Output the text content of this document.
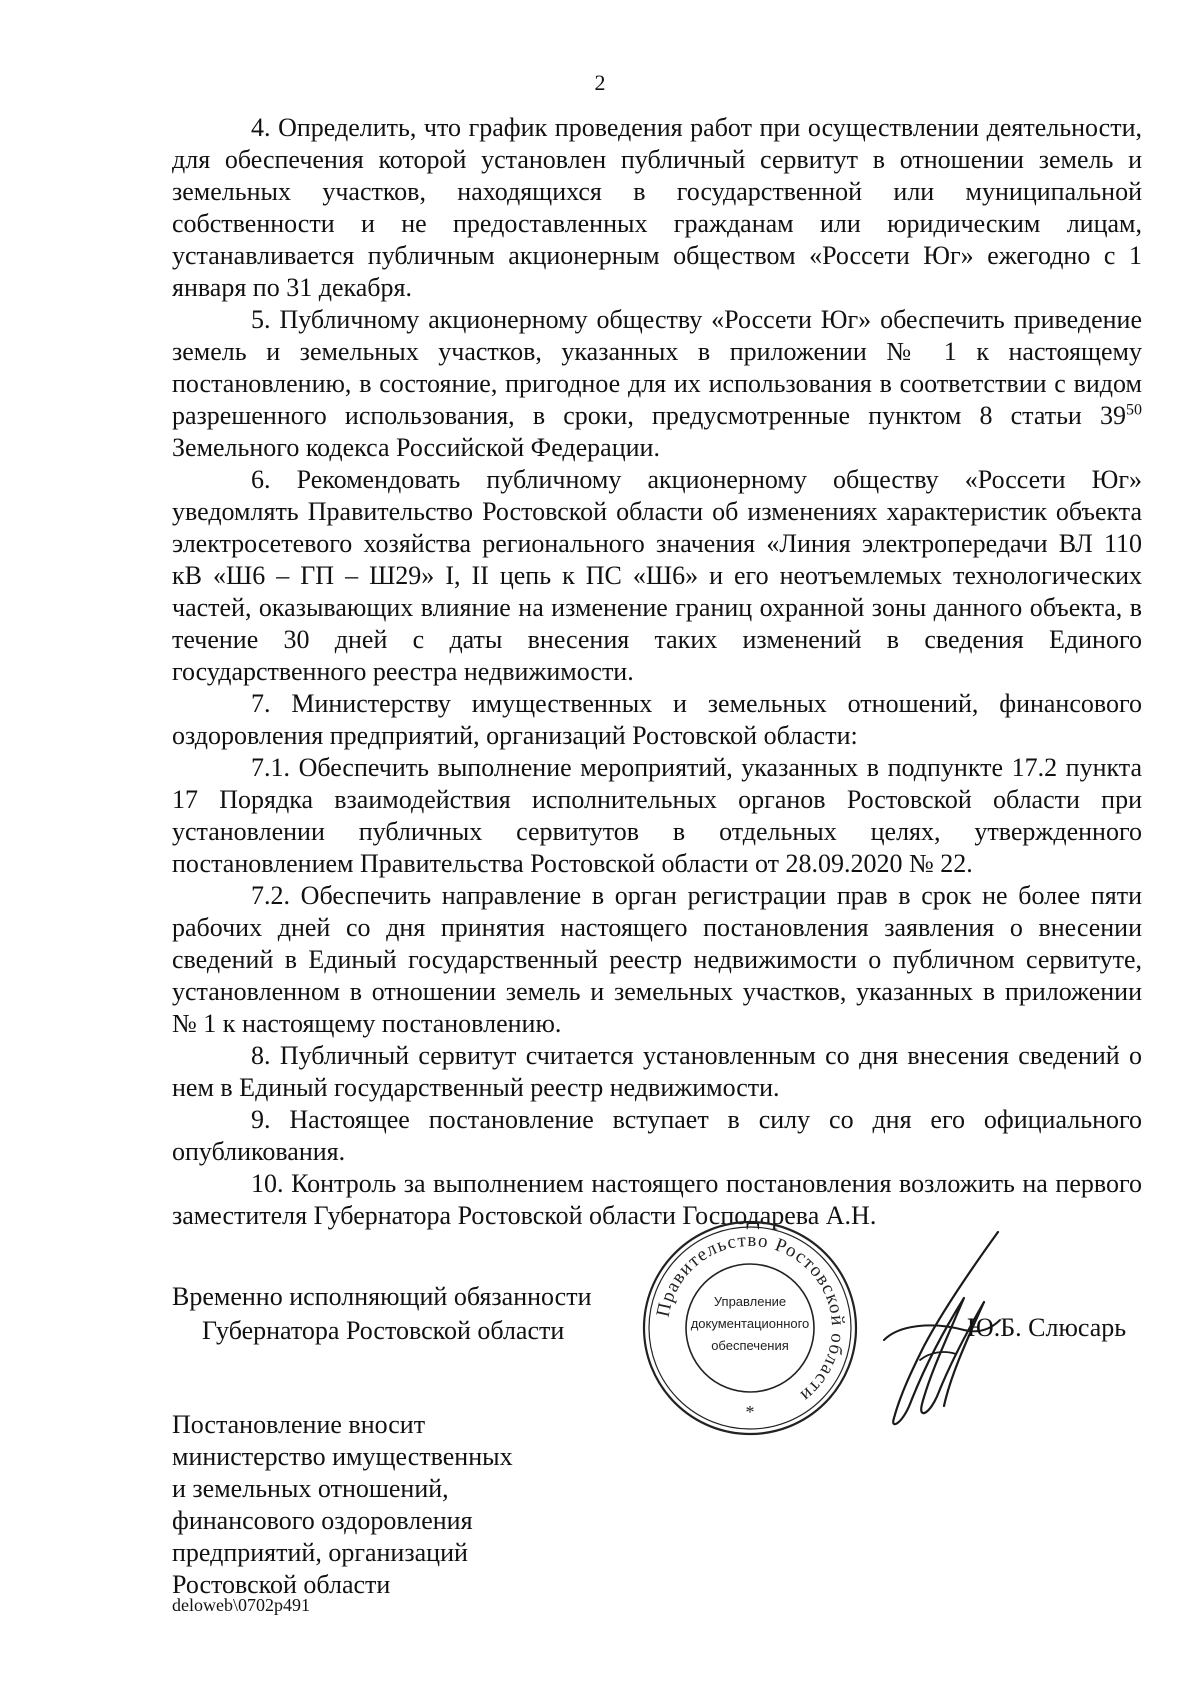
2

4. Определить, что график проведения работ при осуществлении деятельности, для обеспечения которой установлен публичный сервитут в отношении земель и земельных участков, находящихся в государственной или муниципальной собственности и не предоставленных гражданам или юридическим лицам, устанавливается публичным акционерным обществом «Россети Юг» ежегодно с 1 января по 31 декабря.

5. Публичному акционерному обществу «Россети Юг» обеспечить приведение земель и земельных участков, указанных в приложении № 1 к настоящему постановлению, в состояние, пригодное для их использования в соответствии с видом разрешенного использования, в сроки, предусмотренные пунктом 8 статьи $39^{50}$ Земельного кодекса Российской Федерации.

6. Рекомендовать публичному акционерному обществу «Россети Юг» уведомлять Правительство Ростовской области об изменениях характеристик объекта электросетевого хозяйства регионального значения «Линия электропередачи ВЛ 110 кВ «Ш6 – ГП – Ш29» I, II цепь к ПС «Ш6» и его неотъемлемых технологических частей, оказывающих влияние на изменение границ охранной зоны данного объекта, в течение 30 дней с даты внесения таких изменений в сведения Единого государственного реестра недвижимости.

7. Министерству имущественных и земельных отношений, финансового оздоровления предприятий, организаций Ростовской области:

7.1. Обеспечить выполнение мероприятий, указанных в подпункте 17.2 пункта 17 Порядка взаимодействия исполнительных органов Ростовской области при установлении публичных сервитутов в отдельных целях, утвержденного постановлением Правительства Ростовской области от 28.09.2020 № 22.

7.2. Обеспечить направление в орган регистрации прав в срок не более пяти рабочих дней со дня принятия настоящего постановления заявления о внесении сведений в Единый государственный реестр недвижимости о публичном сервитуте, установленном в отношении земель и земельных участков, указанных в приложении № 1 к настоящему постановлению.

8. Публичный сервитут считается установленным со дня внесения сведений о нем в Единый государственный реестр недвижимости.

9. Настоящее постановление вступает в силу со дня его официального опубликования.

10. Контроль за выполнением настоящего постановления возложить на первого заместителя Губернатора Ростовской области Господарева А.Н.

Временно исполняющий обязанности
Губернатора Ростовской области
Правительство Ростовской области
Управление
документационного
обеспечения
*
Ю.Б. Слюсарь
Постановление вносит
министерство имущественных
и земельных отношений,
финансового оздоровления
предприятий, организаций
Ростовской области
deloweb\0702p491
